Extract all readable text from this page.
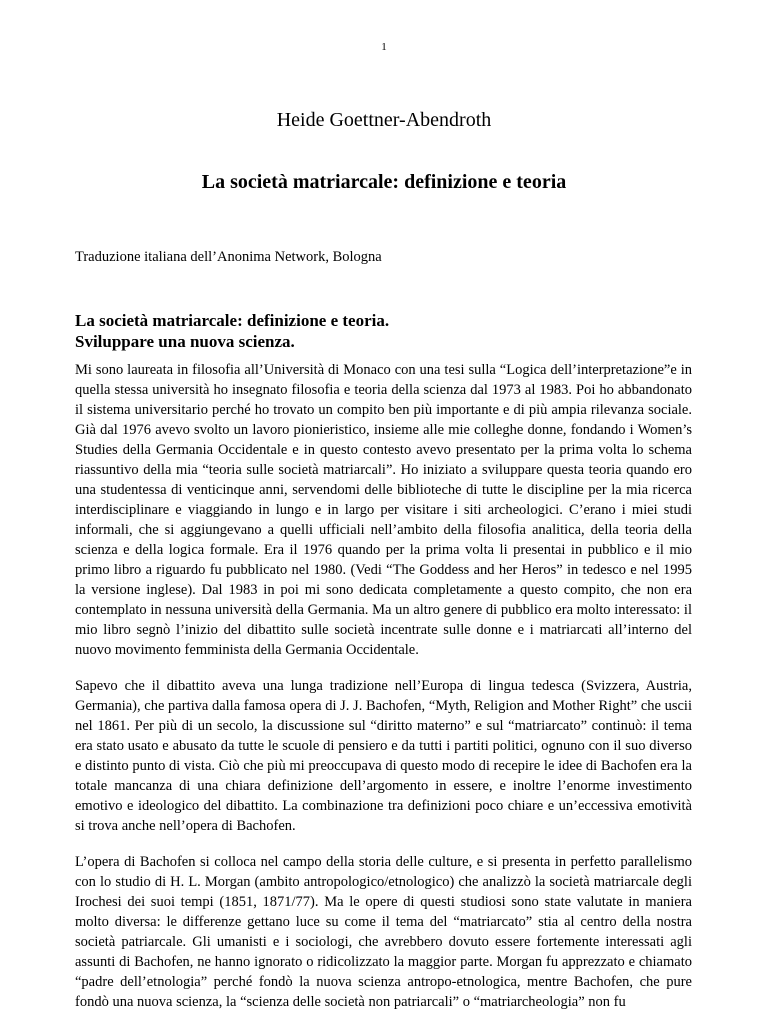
1
Heide Goettner-Abendroth
La società matriarcale: definizione e teoria
Traduzione italiana dell’Anonima Network, Bologna
La società matriarcale: definizione e teoria.
Sviluppare una nuova scienza.

Mi sono laureata in filosofia all’Università di Monaco con una tesi sulla “Logica dell’interpretazione”e in quella stessa università ho insegnato filosofia e teoria della scienza dal 1973 al 1983. Poi ho abbandonato il sistema universitario perché ho trovato un compito ben più importante e di più ampia rilevanza sociale. Già dal 1976 avevo svolto un lavoro pionieristico, insieme alle mie colleghe donne, fondando i Women’s Studies della Germania Occidentale e in questo contesto avevo presentato per la prima volta lo schema riassuntivo della mia “teoria sulle società matriarcali”. Ho iniziato a sviluppare questa teoria quando ero una studentessa di venticinque anni, servendomi delle biblioteche di tutte le discipline per la mia ricerca interdisciplinare e viaggiando in lungo e in largo per visitare i siti archeologici. C’erano i miei studi informali, che si aggiungevano a quelli ufficiali nell’ambito della filosofia analitica, della teoria della scienza e della logica formale. Era il 1976 quando per la prima volta li presentai in pubblico e il mio primo libro a riguardo fu pubblicato nel 1980. (Vedi “The Goddess and her Heros” in tedesco e nel 1995 la versione inglese). Dal 1983 in poi mi sono dedicata completamente a questo compito, che non era contemplato in nessuna università della Germania. Ma un altro genere di pubblico era molto interessato: il mio libro segnò l’inizio del dibattito sulle società incentrate sulle donne e i matriarcati all’interno del nuovo movimento femminista della Germania Occidentale.

Sapevo che il dibattito aveva una lunga tradizione nell’Europa di lingua tedesca (Svizzera, Austria, Germania), che partiva dalla famosa opera di J. J. Bachofen, “Myth, Religion and Mother Right” che uscii nel 1861. Per più di un secolo, la discussione sul “diritto materno” e sul “matriarcato” continuò: il tema era stato usato e abusato da tutte le scuole di pensiero e da tutti i partiti politici, ognuno con il suo diverso e distinto punto di vista. Ciò che più mi preoccupava di questo modo di recepire le idee di Bachofen era la totale mancanza di una chiara definizione dell’argomento in essere, e inoltre l’enorme investimento emotivo e ideologico del dibattito. La combinazione tra definizioni poco chiare e un’eccessiva emotività si trova anche nell’opera di Bachofen.

L’opera di Bachofen si colloca nel campo della storia delle culture, e si presenta in perfetto parallelismo con lo studio di H. L. Morgan (ambito antropologico/etnologico) che analizzò la società matriarcale degli Irochesi dei suoi tempi (1851, 1871/77). Ma le opere di questi studiosi sono state valutate in maniera molto diversa: le differenze gettano luce su come il tema del “matriarcato” stia al centro della nostra società patriarcale. Gli umanisti e i sociologi, che avrebbero dovuto essere fortemente interessati agli assunti di Bachofen, ne hanno ignorato o ridicolizzato la maggior parte. Morgan fu apprezzato e chiamato “padre dell’etnologia” perché fondò la nuova scienza antropo-etnologica, mentre Bachofen, che pure fondò una nuova scienza, la “scienza delle società non patriarcali” o “matriarcheologia” non fu
